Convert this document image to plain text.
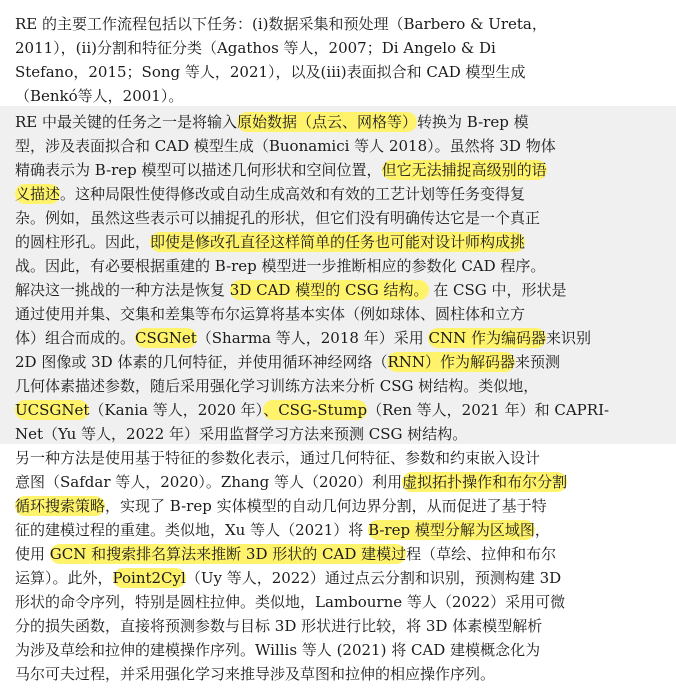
RE 的主要工作流程包括以下任务：(i)数据采集和预处理（Barbero & Ureta，

2011），(ii)分割和特征分类（Agathos 等人，2007；Di Angelo & Di

Stefano，2015；Song 等人，2021），以及(iii)表面拟合和 CAD 模型生成

（Benkó等人，2001）。

RE 中最关键的任务之一是将输入原始数据（点云、网格等）转换为 B-rep 模

型，涉及表面拟合和 CAD 模型生成（Buonamici 等人 2018）。虽然将 3D 物体

精确表示为 B-rep 模型可以描述几何形状和空间位置，但它无法捕捉高级别的语

义描述。这种局限性使得修改或自动生成高效和有效的工艺计划等任务变得复

杂。例如，虽然这些表示可以捕捉孔的形状，但它们没有明确传达它是一个真正

的圆柱形孔。因此，即使是修改孔直径这样简单的任务也可能对设计师构成挑

战。因此，有必要根据重建的 B-rep 模型进一步推断相应的参数化 CAD 程序。

解决这一挑战的一种方法是恢复 3D CAD 模型的 CSG 结构。 在 CSG 中，形状是

通过使用并集、交集和差集等布尔运算将基本实体（例如球体、圆柱体和立方

体）组合而成的。CSGNet（Sharma 等人，2018 年）采用 CNN 作为编码器来识别

2D 图像或 3D 体素的几何特征，并使用循环神经网络（RNN）作为解码器来预测

几何体素描述参数，随后采用强化学习训练方法来分析 CSG 树结构。类似地，

UCSGNet（Kania 等人，2020 年）、CSG-Stump（Ren 等人，2021 年）和 CAPRI-

Net（Yu 等人，2022 年）采用监督学习方法来预测 CSG 树结构。

另一种方法是使用基于特征的参数化表示，通过几何特征、参数和约束嵌入设计

意图（Safdar 等人，2020）。Zhang 等人（2020）利用虚拟拓扑操作和布尔分割

循环搜索策略，实现了 B-rep 实体模型的自动几何边界分割，从而促进了基于特

征的建模过程的重建。类似地，Xu 等人（2021）将 B-rep 模型分解为区域图，

使用 GCN 和搜索排名算法来推断 3D 形状的 CAD 建模过程（草绘、拉伸和布尔

运算）。此外，Point2Cyl（Uy 等人，2022）通过点云分割和识别，预测构建 3D

形状的命令序列，特别是圆柱拉伸。类似地，Lambourne 等人（2022）采用可微

分的损失函数，直接将预测参数与目标 3D 形状进行比较，将 3D 体素模型解析

为涉及草绘和拉伸的建模操作序列。Willis 等人 (2021) 将 CAD 建模概念化为

马尔可夫过程，并采用强化学习来推导涉及草图和拉伸的相应操作序列。
